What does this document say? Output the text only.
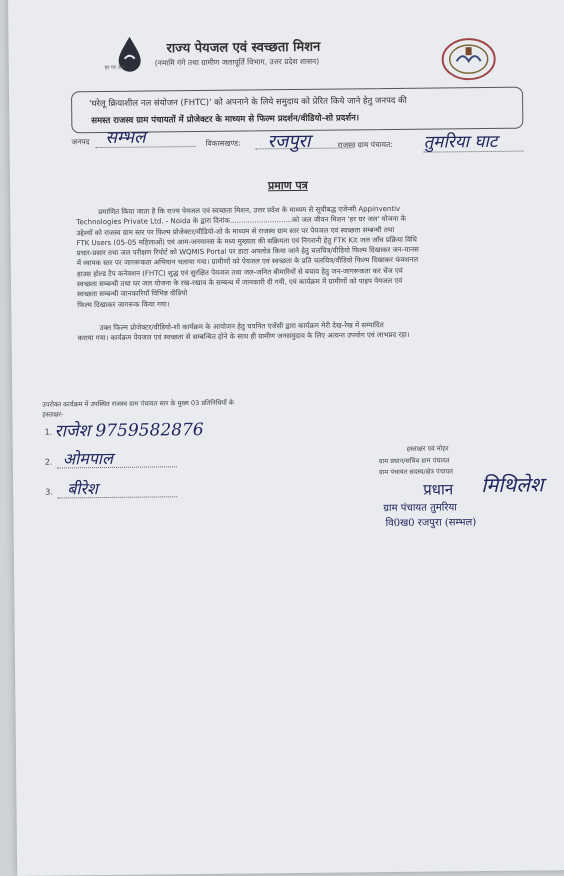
हर घर जल
राज्य पेयजल एवं स्वच्छता मिशन
(नमामि गंगे तथा ग्रामीण जलापूर्ति विभाग, उत्तर प्रदेश शासन)
'घरेलू क्रियाशील नल संयोजन (FHTC)' को अपनाने के लिये समुदाय को प्रेरित किये जाने हेतु जनपद की
समस्त राजस्व ग्राम पंचायतों में प्रोजेक्टर के माध्यम से फिल्म प्रदर्शन/वीडियो-शो प्रदर्शन।
जनपद सम्भल	विकासखण्ड: रजपुरा	राजस्व ग्राम पंचायत: तुमरिया घाट
प्रमाण पत्र
प्रमाणित किया जाता है कि राज्य पेयजल एवं स्वच्छता मिशन, उत्तर प्रदेश के माध्यम से सूचीबद्ध एजेन्सी Appinventiv
Technologies Private Ltd. - Noida के द्वारा दिनांक............................को जल जीवन मिशन 'हर घर जल' योजना के
उद्देश्यों को राजस्व ग्राम स्तर पर फिल्म प्रोजेक्टर/वीडियो-शो के माध्यम से राजस्व ग्राम स्तर पर पेयजल एवं स्वच्छता सम्बन्धी तथा
FTK Users (05-05 महिलाओं) एवं आम-जनमानस के मध्य मुख्यता की सक्रियता एवं निगरानी हेतु FTK Kit जल जाँच प्रक्रिया विधि
प्रचार-प्रसार तथा जल परीक्षण रिपोर्ट को WQMIS Portal पर डाटा अपलोड किया जाने हेतु चलचित्र/वीडियो फिल्म दिखाकर जन-मानस
में व्यापक स्तर पर जागरूकता अभियान चलाया गया। ग्रामीणों को पेयजल एवं स्वच्छता के प्रति चलचित्र/वीडियो फिल्म दिखाकर फंक्शनल
हाउस होल्ड टैप कनेक्शन (FHTC) शुद्ध एवं सुरक्षित पेयजल तथा जल-जनित बीमारियों से बचाव हेतु जन-जागरूकता कर चेंज एवं
स्वच्छता सम्बन्धी तथा घर जल योजना के रख-रखाव के सम्बन्ध में जानकारी दी गयी, एवं कार्यक्रम में ग्रामीणों को पाइप पेयजल एवं
स्वच्छता सम्बन्धी जानकारियाँ विभिन्न वीडियो
फिल्म दिखाकर जागरूक किया गया।
उक्त फिल्म प्रोजेक्टर/वीडियो-शो कार्यक्रम के आयोजन हेतु चयनित एजेंसी द्वारा कार्यक्रम मेरी देख-रेख में सम्पादित
कराया गया। कार्यक्रम पेयजल एवं स्वच्छता से सम्बन्धित होने के साथ ही ग्रामीण जनसमुदाय के लिए अत्यन्त उपयोग एवं लाभप्रद रहा।
उपरोक्त कार्यक्रम में उपस्थित राजस्व ग्राम पंचायत स्तर के मुख्य 03 प्रतिनिधियों के
हस्ताक्षर-
1. राजेश 9759582876
2. ओमपाल
3. बीरेश
हस्ताक्षर एवं मोहर
ग्राम प्रधान/सचिव ग्राम पंचायत
ग्राम पंचायत सदस्य/क्षेत्र पंचायत
प्रधान मिथिलेश
ग्राम पंचायत तुमरिया
वि0ख0 रजपुरा (सम्भल)
